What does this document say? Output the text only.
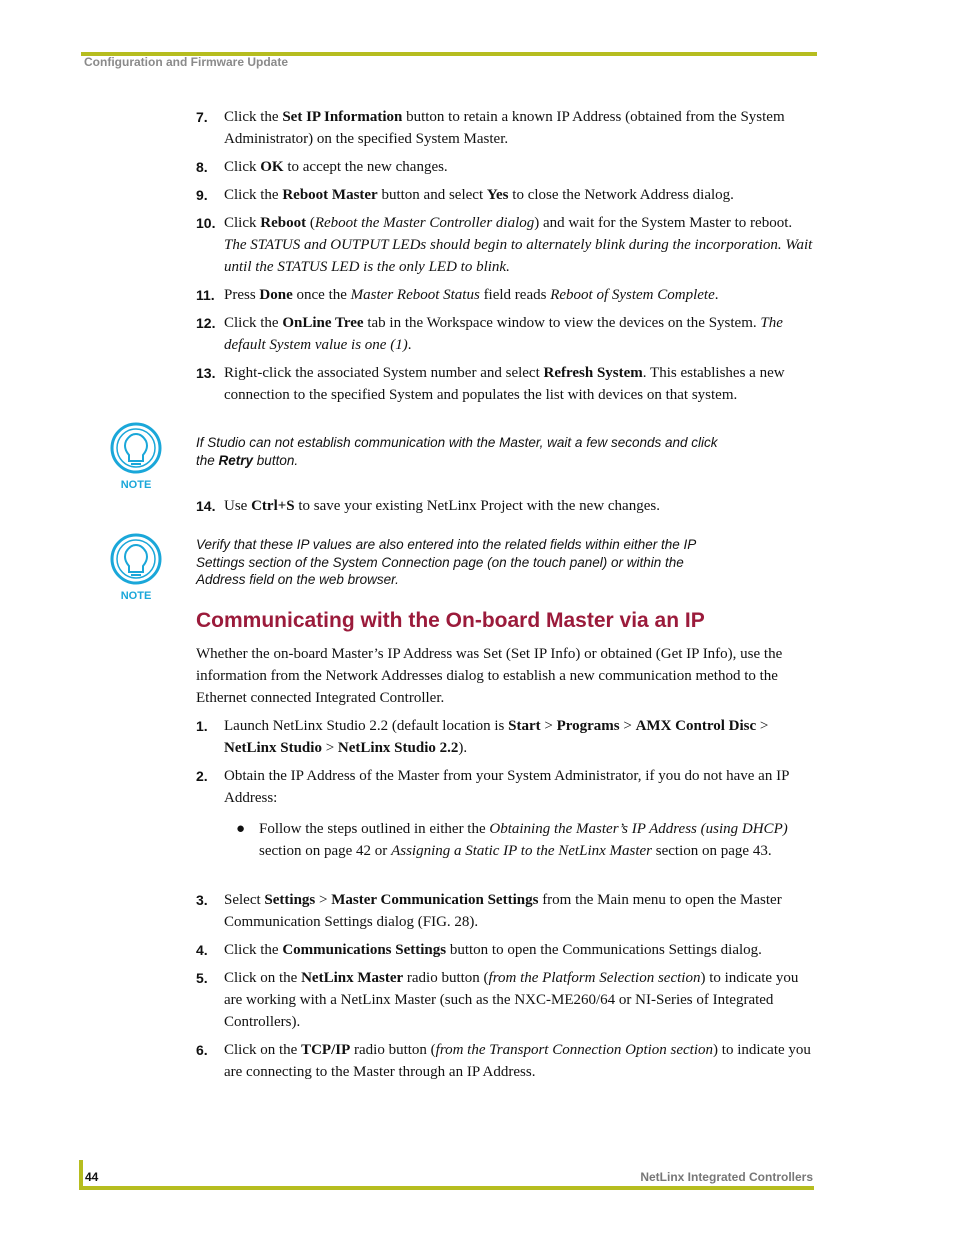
Configuration and Firmware Update
7. Click the Set IP Information button to retain a known IP Address (obtained from the System Administrator) on the specified System Master.
8. Click OK to accept the new changes.
9. Click the Reboot Master button and select Yes to close the Network Address dialog.
10. Click Reboot (Reboot the Master Controller dialog) and wait for the System Master to reboot. The STATUS and OUTPUT LEDs should begin to alternately blink during the incorporation. Wait until the STATUS LED is the only LED to blink.
11. Press Done once the Master Reboot Status field reads Reboot of System Complete.
12. Click the OnLine Tree tab in the Workspace window to view the devices on the System. The default System value is one (1).
13. Right-click the associated System number and select Refresh System. This establishes a new connection to the specified System and populates the list with devices on that system.
NOTE
If Studio can not establish communication with the Master, wait a few seconds and click the Retry button.
14. Use Ctrl+S to save your existing NetLinx Project with the new changes.
NOTE
Verify that these IP values are also entered into the related fields within either the IP Settings section of the System Connection page (on the touch panel) or within the Address field on the web browser.
Communicating with the On-board Master via an IP
Whether the on-board Master’s IP Address was Set (Set IP Info) or obtained (Get IP Info), use the information from the Network Addresses dialog to establish a new communication method to the Ethernet connected Integrated Controller.
1. Launch NetLinx Studio 2.2 (default location is Start > Programs > AMX Control Disc > NetLinx Studio > NetLinx Studio 2.2).
2. Obtain the IP Address of the Master from your System Administrator, if you do not have an IP Address:
● Follow the steps outlined in either the Obtaining the Master’s IP Address (using DHCP) section on page 42 or Assigning a Static IP to the NetLinx Master section on page 43.
3. Select Settings > Master Communication Settings from the Main menu to open the Master Communication Settings dialog (FIG. 28).
4. Click the Communications Settings button to open the Communications Settings dialog.
5. Click on the NetLinx Master radio button (from the Platform Selection section) to indicate you are working with a NetLinx Master (such as the NXC-ME260/64 or NI-Series of Integrated Controllers).
6. Click on the TCP/IP radio button (from the Transport Connection Option section) to indicate you are connecting to the Master through an IP Address.
44	NetLinx Integrated Controllers
